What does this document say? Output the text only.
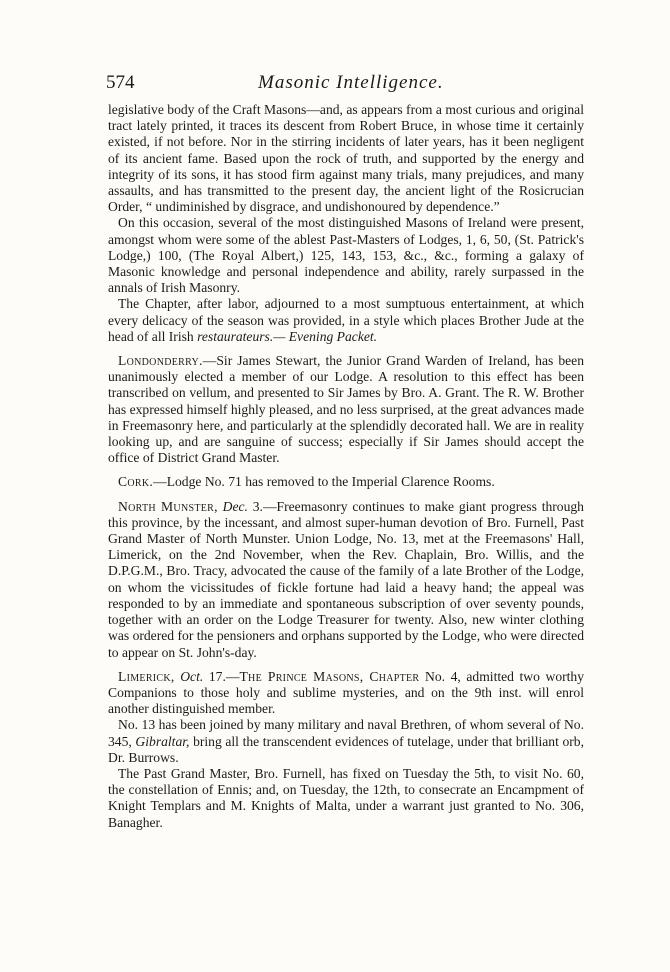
574	Masonic Intelligence.

legislative body of the Craft Masons—and, as appears from a most curious and original tract lately printed, it traces its descent from Robert Bruce, in whose time it certainly existed, if not before. Nor in the stirring incidents of later years, has it been negligent of its ancient fame. Based upon the rock of truth, and supported by the energy and integrity of its sons, it has stood firm against many trials, many prejudices, and many assaults, and has transmitted to the present day, the ancient light of the Rosicrucian Order, “ undiminished by disgrace, and undishonoured by dependence.”

On this occasion, several of the most distinguished Masons of Ireland were present, amongst whom were some of the ablest Past-Masters of Lodges, 1, 6, 50, (St. Patrick's Lodge,) 100, (The Royal Albert,) 125, 143, 153, &c., &c., forming a galaxy of Masonic knowledge and personal independence and ability, rarely surpassed in the annals of Irish Masonry.

The Chapter, after labor, adjourned to a most sumptuous entertainment, at which every delicacy of the season was provided, in a style which places Brother Jude at the head of all Irish restaurateurs.— Evening Packet.

Londonderry.—Sir James Stewart, the Junior Grand Warden of Ireland, has been unanimously elected a member of our Lodge. A resolution to this effect has been transcribed on vellum, and presented to Sir James by Bro. A. Grant. The R. W. Brother has expressed himself highly pleased, and no less surprised, at the great advances made in Freemasonry here, and particularly at the splendidly decorated hall. We are in reality looking up, and are sanguine of success; especially if Sir James should accept the office of District Grand Master.

Cork.—Lodge No. 71 has removed to the Imperial Clarence Rooms.

North Munster, Dec. 3.—Freemasonry continues to make giant progress through this province, by the incessant, and almost super-human devotion of Bro. Furnell, Past Grand Master of North Munster. Union Lodge, No. 13, met at the Freemasons' Hall, Limerick, on the 2nd November, when the Rev. Chaplain, Bro. Willis, and the D.P.G.M., Bro. Tracy, advocated the cause of the family of a late Brother of the Lodge, on whom the vicissitudes of fickle fortune had laid a heavy hand; the appeal was responded to by an immediate and spontaneous subscription of over seventy pounds, together with an order on the Lodge Treasurer for twenty. Also, new winter clothing was ordered for the pensioners and orphans supported by the Lodge, who were directed to appear on St. John's-day.

Limerick, Oct. 17.—The Prince Masons, Chapter No. 4, admitted two worthy Companions to those holy and sublime mysteries, and on the 9th inst. will enrol another distinguished member.

No. 13 has been joined by many military and naval Brethren, of whom several of No. 345, Gibraltar, bring all the transcendent evidences of tutelage, under that brilliant orb, Dr. Burrows.

The Past Grand Master, Bro. Furnell, has fixed on Tuesday the 5th, to visit No. 60, the constellation of Ennis; and, on Tuesday, the 12th, to consecrate an Encampment of Knight Templars and M. Knights of Malta, under a warrant just granted to No. 306, Banagher.
